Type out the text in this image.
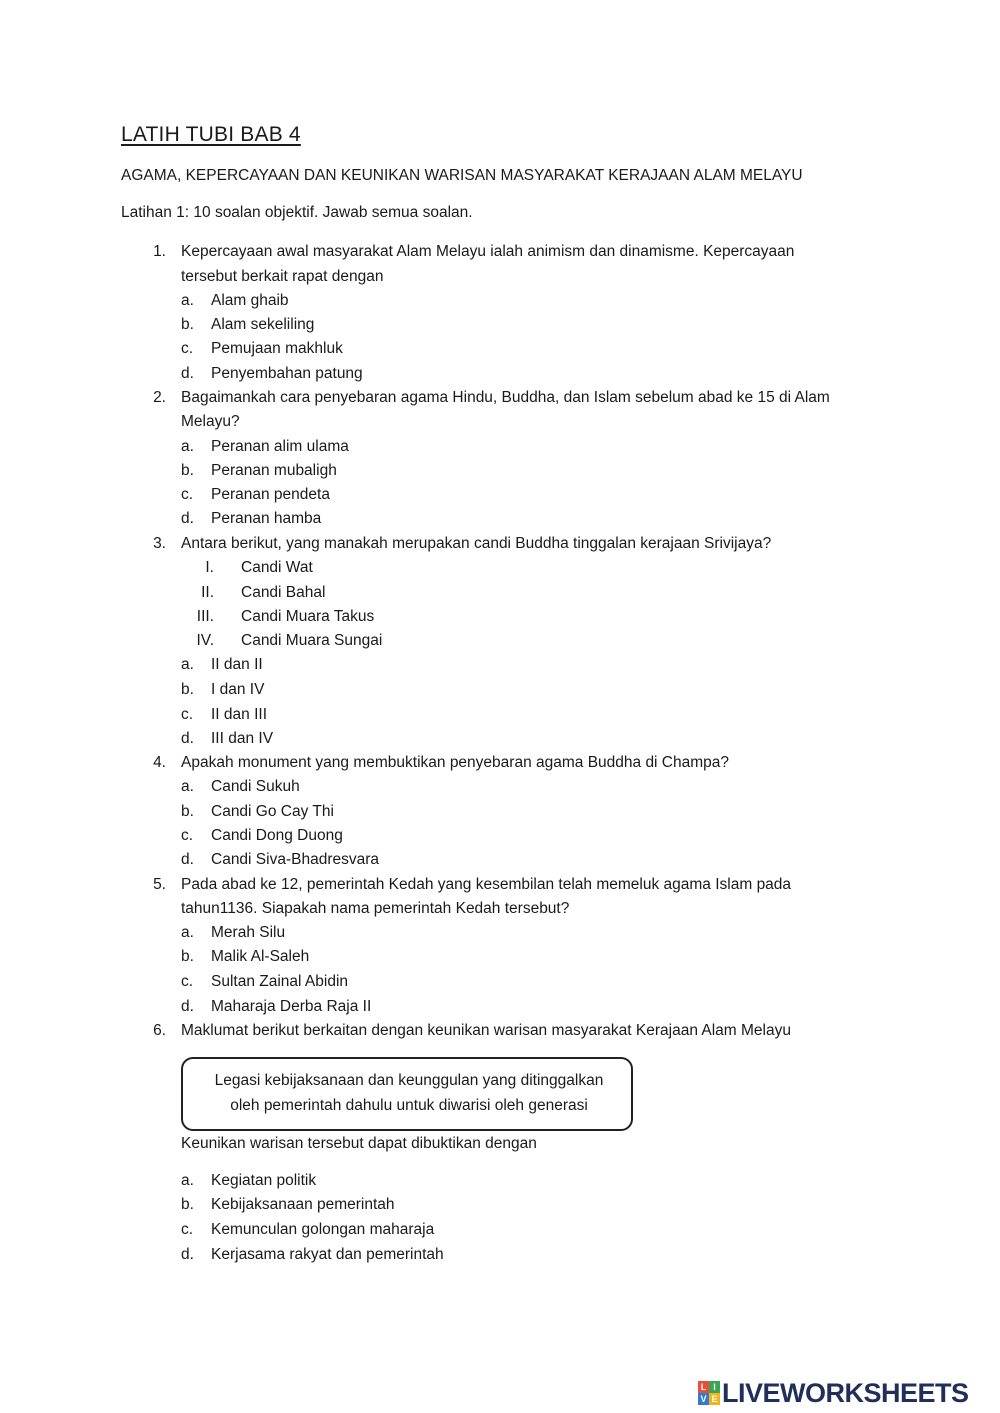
LATIH TUBI BAB 4
AGAMA, KEPERCAYAAN DAN KEUNIKAN WARISAN MASYARAKAT KERAJAAN ALAM MELAYU
Latihan 1: 10 soalan objektif. Jawab semua soalan.
1. Kepercayaan awal masyarakat Alam Melayu ialah animism dan dinamisme. Kepercayaan
tersebut berkait rapat dengan
a. Alam ghaib
b. Alam sekeliling
c. Pemujaan makhluk
d. Penyembahan patung
2. Bagaimankah cara penyebaran agama Hindu, Buddha, dan Islam sebelum abad ke 15 di Alam
Melayu?
a. Peranan alim ulama
b. Peranan mubaligh
c. Peranan pendeta
d. Peranan hamba
3. Antara berikut, yang manakah merupakan candi Buddha tinggalan kerajaan Srivijaya?
I. Candi Wat
II. Candi Bahal
III. Candi Muara Takus
IV. Candi Muara Sungai
a. II dan II
b. I dan IV
c. II dan III
d. III dan IV
4. Apakah monument yang membuktikan penyebaran agama Buddha di Champa?
a. Candi Sukuh
b. Candi Go Cay Thi
c. Candi Dong Duong
d. Candi Siva-Bhadresvara
5. Pada abad ke 12, pemerintah Kedah yang kesembilan telah memeluk agama Islam pada
tahun1136. Siapakah nama pemerintah Kedah tersebut?
a. Merah Silu
b. Malik Al-Saleh
c. Sultan Zainal Abidin
d. Maharaja Derba Raja II
6. Maklumat berikut berkaitan dengan keunikan warisan masyarakat Kerajaan Alam Melayu
Legasi kebijaksanaan dan keunggulan yang ditinggalkan
oleh pemerintah dahulu untuk diwarisi oleh generasi
Keunikan warisan tersebut dapat dibuktikan dengan
a. Kegiatan politik
b. Kebijaksanaan pemerintah
c. Kemunculan golongan maharaja
d. Kerjasama rakyat dan pemerintah
L I
V E LIVEWORKSHEETS
